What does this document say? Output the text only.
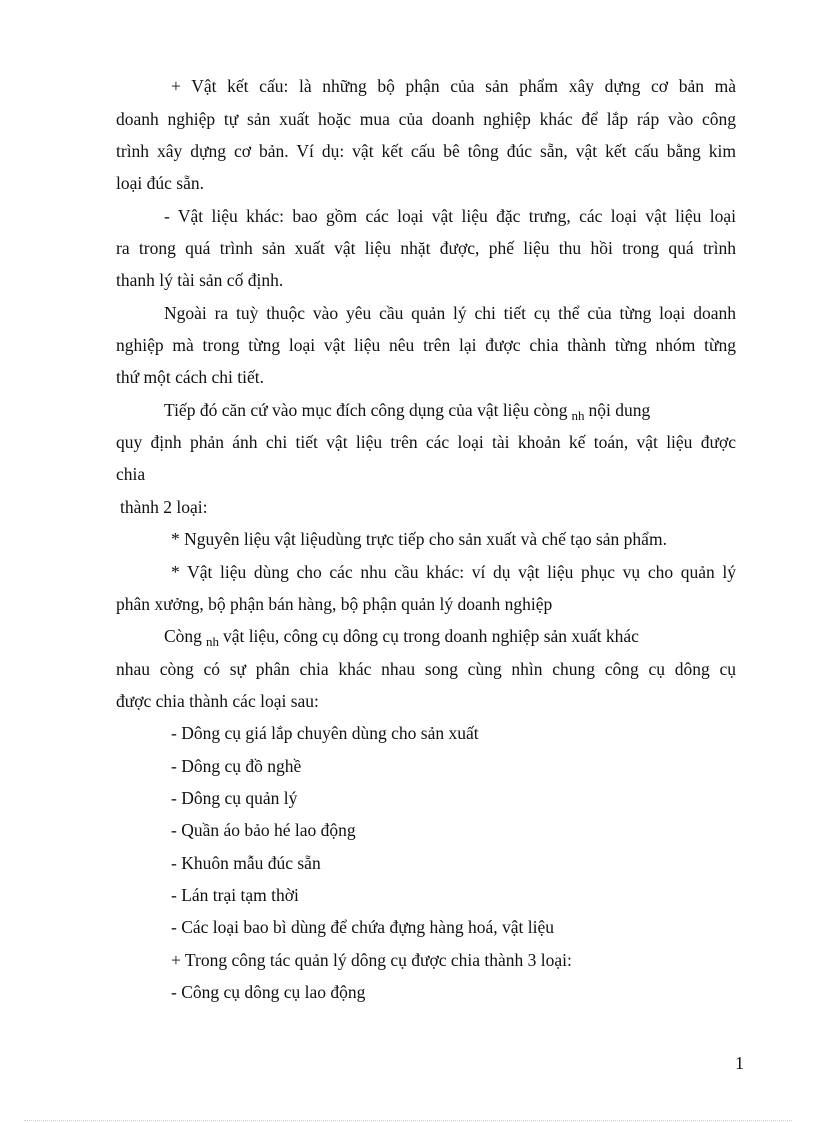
+ Vật kết cấu: là những bộ phận của sản phẩm xây dựng cơ bản mà
doanh nghiệp tự sản xuất hoặc mua của doanh nghiệp khác để lắp ráp vào công
trình xây dựng cơ bản. Ví dụ: vật kết cấu bê tông đúc sẵn, vật kết cấu bằng kim
loại đúc sẵn.
- Vật liệu khác: bao gồm các loại vật liệu đặc trưng, các loại vật liệu loại
ra trong quá trình sản xuất vật liệu nhặt được, phế liệu thu hồi trong quá trình
thanh lý tài sản cố định.
Ngoài ra tuỳ thuộc vào yêu cầu quản lý chi tiết cụ thể của từng loại doanh
nghiệp mà trong từng loại vật liệu nêu trên lại được chia thành từng nhóm từng
thứ một cách chi tiết.
Tiếp đó căn cứ vào mục đích công dụng của vật liệu còng $_{nh}$ nội dung
quy định phản ánh chi tiết vật liệu trên các loại tài khoản kế toán, vật liệu được
chia
thành 2 loại:
* Nguyên liệu vật liệudùng trực tiếp cho sản xuất và chế tạo sản phẩm.
* Vật liệu dùng cho các nhu cầu khác: ví dụ vật liệu phục vụ cho quản lý
phân xưởng, bộ phận bán hàng, bộ phận quản lý doanh nghiệp
Còng $_{nh}$ vật liệu, công cụ dông cụ trong doanh nghiệp sản xuất khác
nhau còng có sự phân chia khác nhau song cùng nhìn chung công cụ dông cụ
được chia thành các loại sau:
- Dông cụ giá lắp chuyên dùng cho sản xuất
- Dông cụ đồ nghề
- Dông cụ quản lý
- Quần áo bảo hé lao động
- Khuôn mẫu đúc sẵn
- Lán trại tạm thời
- Các loại bao bì dùng để chứa đựng hàng hoá, vật liệu
+ Trong công tác quản lý dông cụ được chia thành 3 loại:
- Công cụ dông cụ lao động
1
